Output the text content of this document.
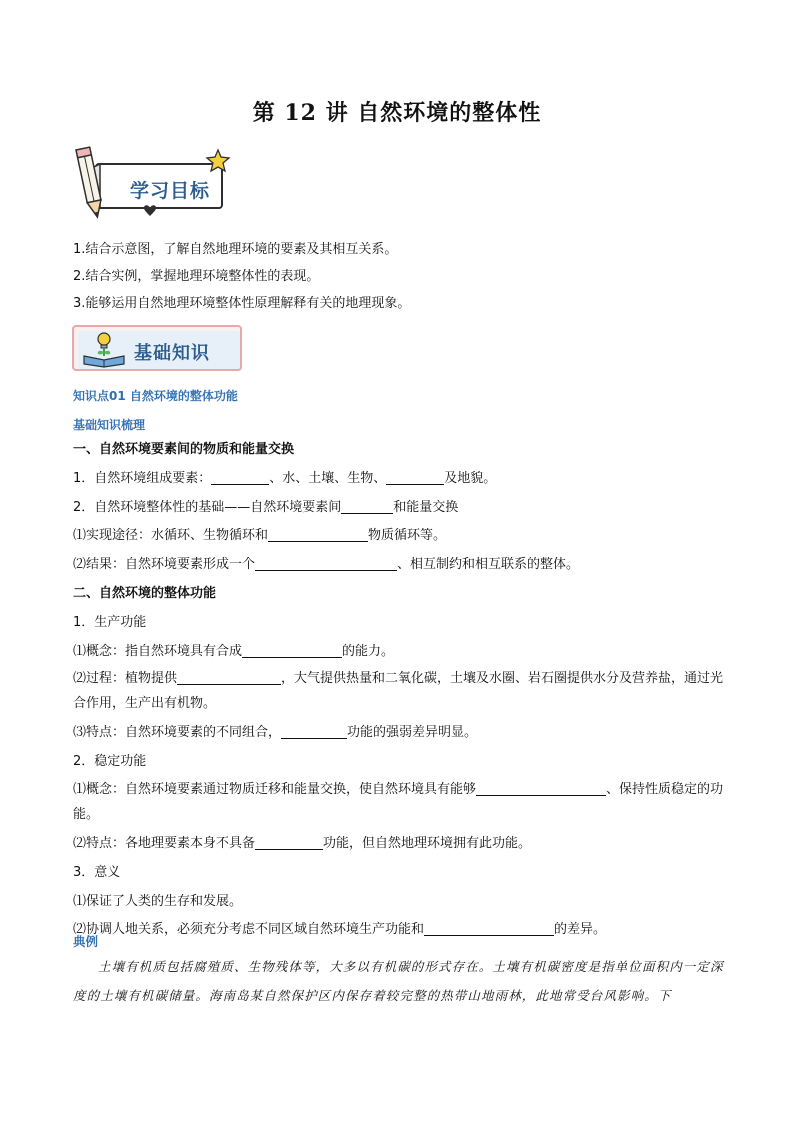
第 12 讲 自然环境的整体性
学习目标

1.结合示意图，了解自然地理环境的要素及其相互关系。

2.结合实例，掌握地理环境整体性的表现。

3.能够运用自然地理环境整体性原理解释有关的地理现象。

基础知识
知识点01 自然环境的整体功能
基础知识梳理

一、自然环境要素间的物质和能量交换

1．自然环境组成要素：	、水、土壤、生物、	及地貌。

2．自然环境整体性的基础——自然环境要素间	和能量交换

⑴实现途径：水循环、生物循环和	物质循环等。

⑵结果：自然环境要素形成一个	、相互制约和相互联系的整体。

二、自然环境的整体功能

1．生产功能

⑴概念：指自然环境具有合成	的能力。

⑵过程：植物提供	，大气提供热量和二氧化碳，土壤及水圈、岩石圈提供水分及营养盐，通过光合作用，生产出有机物。

⑶特点：自然环境要素的不同组合，	功能的强弱差异明显。

2．稳定功能

⑴概念：自然环境要素通过物质迁移和能量交换，使自然环境具有能够	、保持性质稳定的功能。

⑵特点：各地理要素本身不具备	功能，但自然地理环境拥有此功能。

3．意义

⑴保证了人类的生存和发展。

⑵协调人地关系，必须充分考虑不同区域自然环境生产功能和	的差异。

典例
土壤有机质包括腐殖质、生物残体等，大多以有机碳的形式存在。土壤有机碳密度是指单位面积内一定深度的土壤有机碳储量。海南岛某自然保护区内保存着较完整的热带山地雨林，此地常受台风影响。下
